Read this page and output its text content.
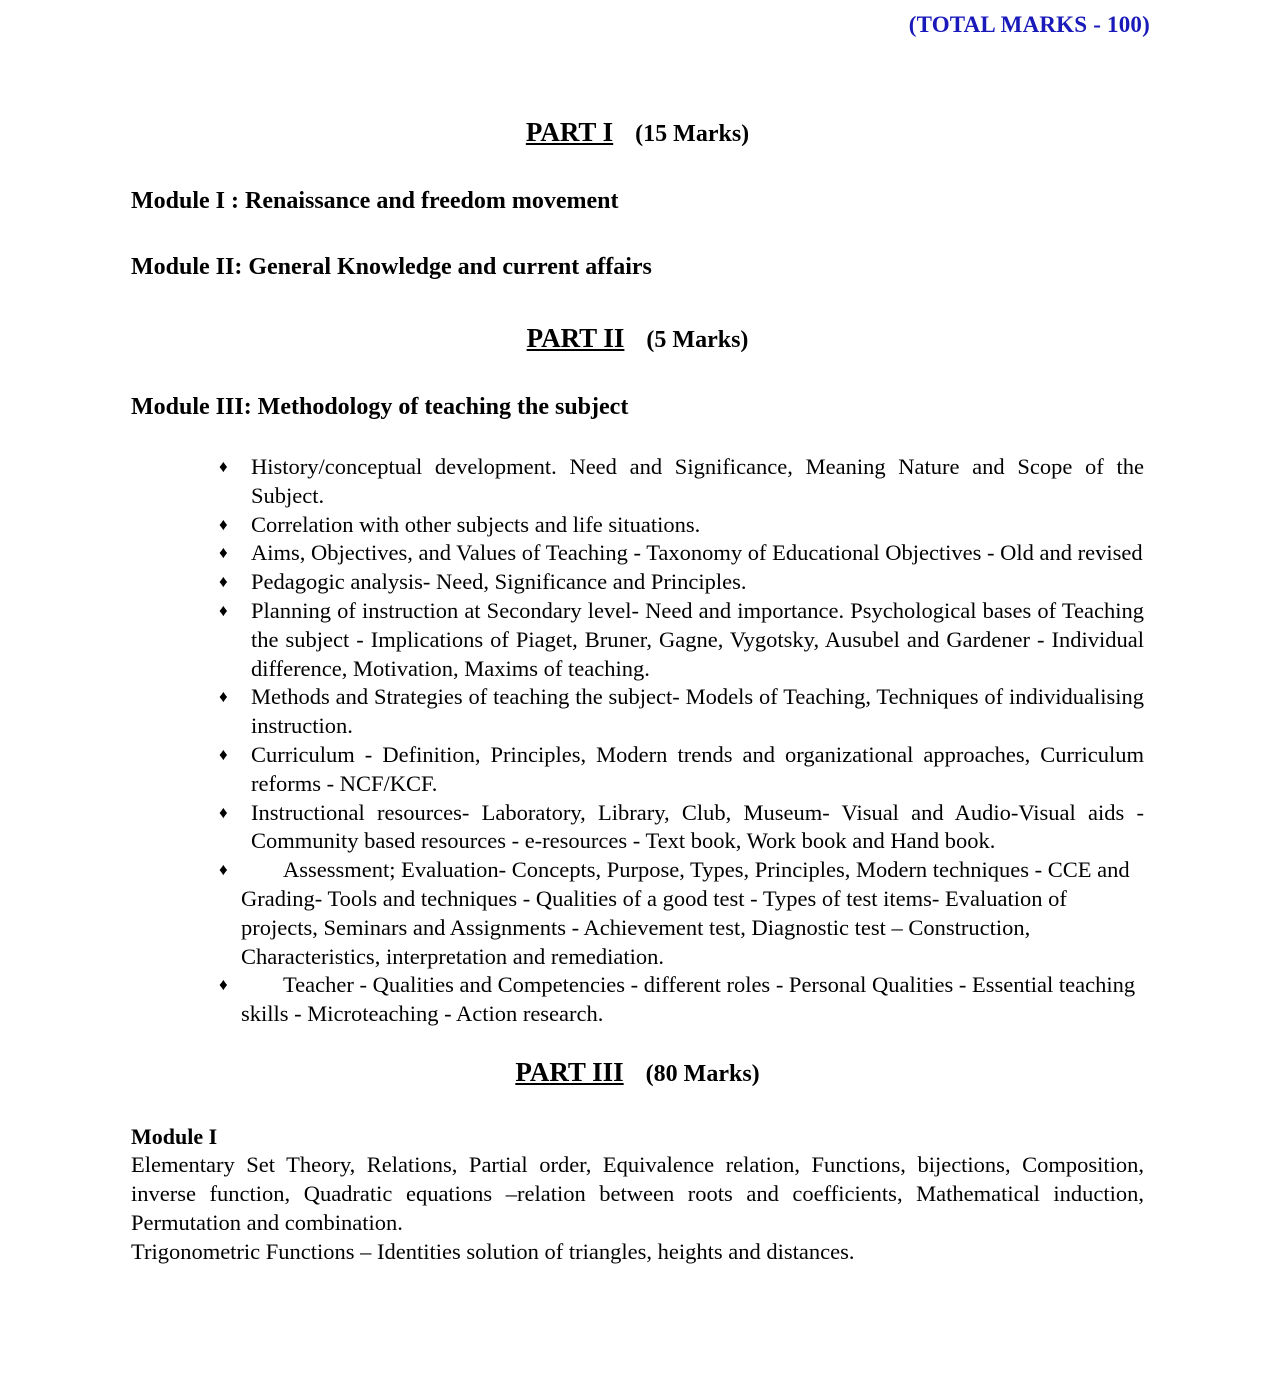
(TOTAL MARKS - 100)
PART I (15 Marks)
Module I : Renaissance and freedom movement
Module II: General Knowledge and current affairs
PART II (5 Marks)
Module III: Methodology of teaching the subject
♦ History/conceptual development. Need and Significance, Meaning Nature and Scope of the Subject.
♦ Correlation with other subjects and life situations.
♦ Aims, Objectives, and Values of Teaching - Taxonomy of Educational Objectives - Old and revised
♦ Pedagogic analysis- Need, Significance and Principles.
♦ Planning of instruction at Secondary level- Need and importance. Psychological bases of Teaching the subject - Implications of Piaget, Bruner, Gagne, Vygotsky, Ausubel and Gardener - Individual difference, Motivation, Maxims of teaching.
♦ Methods and Strategies of teaching the subject- Models of Teaching, Techniques of individualising instruction.
♦ Curriculum - Definition, Principles, Modern trends and organizational approaches, Curriculum reforms - NCF/KCF.
♦ Instructional resources- Laboratory, Library, Club, Museum- Visual and Audio-Visual aids - Community based resources - e-resources - Text book, Work book and Hand book.
♦ Assessment; Evaluation- Concepts, Purpose, Types, Principles, Modern techniques - CCE and Grading- Tools and techniques - Qualities of a good test - Types of test items- Evaluation of projects, Seminars and Assignments - Achievement test, Diagnostic test – Construction, Characteristics, interpretation and remediation.
♦ Teacher - Qualities and Competencies - different roles - Personal Qualities - Essential teaching skills - Microteaching - Action research.
PART III (80 Marks)
Module I

Elementary Set Theory, Relations, Partial order, Equivalence relation, Functions, bijections, Composition, inverse function, Quadratic equations –relation between roots and coefficients, Mathematical induction, Permutation and combination.

Trigonometric Functions – Identities solution of triangles, heights and distances.
